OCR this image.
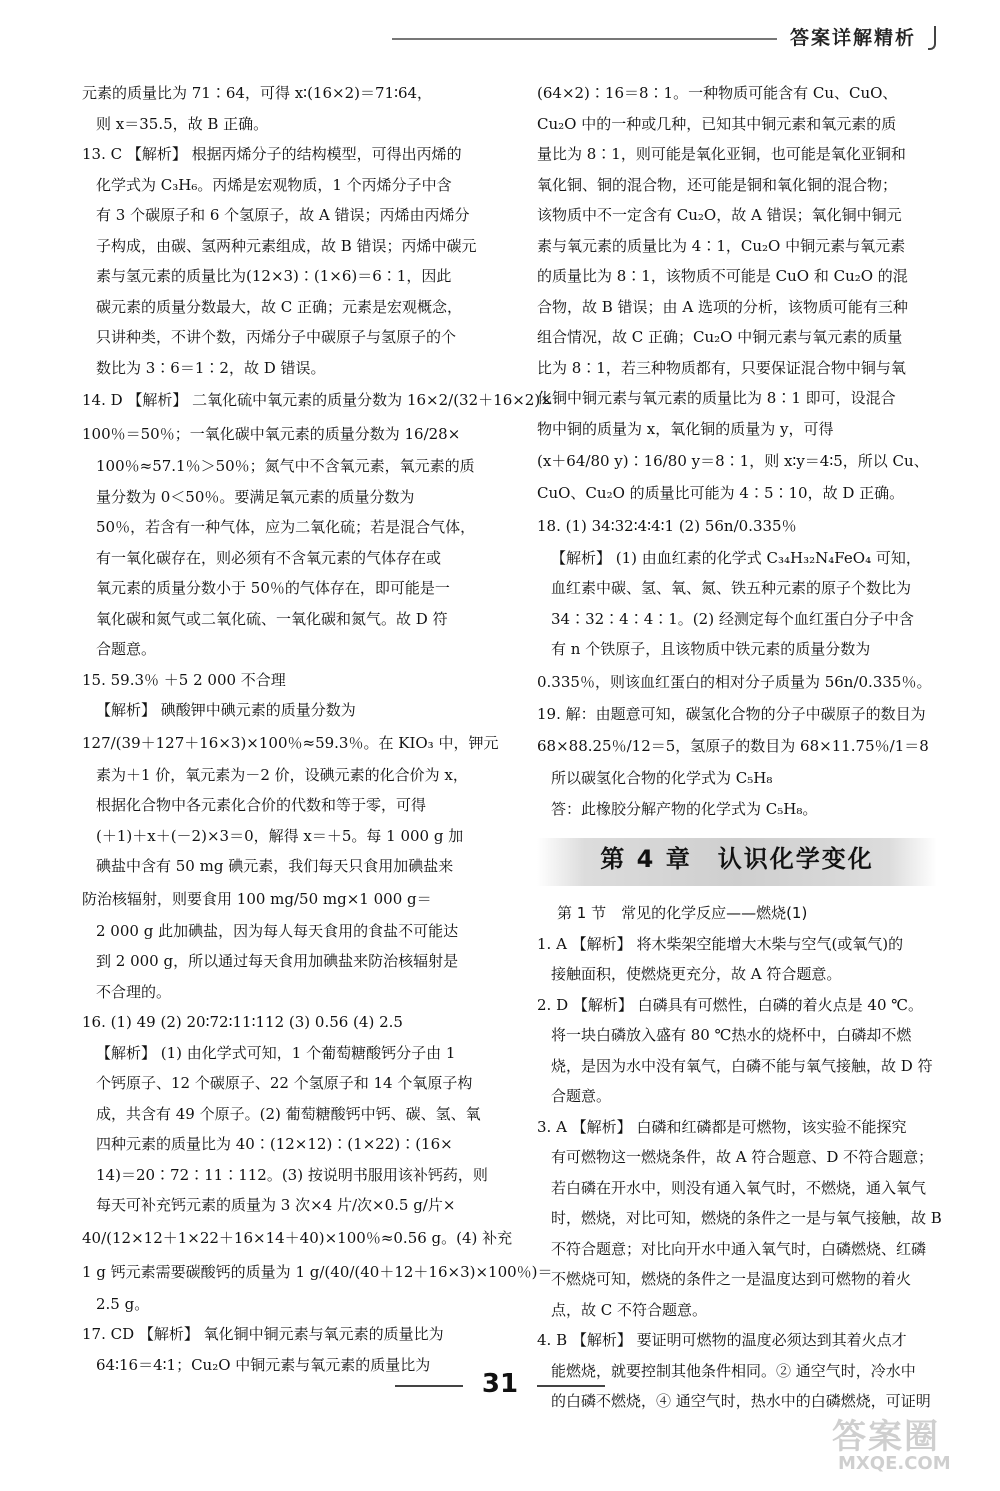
答案详解精析

元素的质量比为 71∶64，可得 x∶(16×2)＝71∶64，

则 x＝35.5，故 B 正确。

13. C 【解析】 根据丙烯分子的结构模型，可得出丙烯的

化学式为 C₃H₆。丙烯是宏观物质，1 个丙烯分子中含

有 3 个碳原子和 6 个氢原子，故 A 错误；丙烯由丙烯分

子构成，由碳、氢两种元素组成，故 B 错误；丙烯中碳元

素与氢元素的质量比为(12×3)∶(1×6)＝6∶1，因此

碳元素的质量分数最大，故 C 正确；元素是宏观概念，

只讲种类，不讲个数，丙烯分子中碳原子与氢原子的个

数比为 3∶6＝1∶2，故 D 错误。

14. D 【解析】 二氧化硫中氧元素的质量分数为 16×2/(32＋16×2)×

100％＝50％；一氧化碳中氧元素的质量分数为 16/28×

100％≈57.1％＞50％；氮气中不含氧元素，氧元素的质

量分数为 0＜50％。要满足氧元素的质量分数为

50％，若含有一种气体，应为二氧化硫；若是混合气体，

有一氧化碳存在，则必须有不含氧元素的气体存在或

氧元素的质量分数小于 50％的气体存在，即可能是一

氧化碳和氮气或二氧化硫、一氧化碳和氮气。故 D 符

合题意。

15. 59.3％ ＋5 2 000 不合理

【解析】 碘酸钾中碘元素的质量分数为

127/(39＋127＋16×3)×100％≈59.3％。在 KIO₃ 中，钾元

素为＋1 价，氧元素为－2 价，设碘元素的化合价为 x，

根据化合物中各元素化合价的代数和等于零，可得

(＋1)＋x＋(－2)×3＝0，解得 x＝＋5。每 1 000 g 加

碘盐中含有 50 mg 碘元素，我们每天只食用加碘盐来

防治核辐射，则要食用 100 mg/50 mg×1 000 g＝

2 000 g 此加碘盐，因为每人每天食用的食盐不可能达

到 2 000 g，所以通过每天食用加碘盐来防治核辐射是

不合理的。

16. (1) 49 (2) 20∶72∶11∶112 (3) 0.56 (4) 2.5

【解析】 (1) 由化学式可知，1 个葡萄糖酸钙分子由 1

个钙原子、12 个碳原子、22 个氢原子和 14 个氧原子构

成，共含有 49 个原子。(2) 葡萄糖酸钙中钙、碳、氢、氧

四种元素的质量比为 40∶(12×12)∶(1×22)∶(16×

14)＝20∶72∶11∶112。(3) 按说明书服用该补钙药，则

每天可补充钙元素的质量为 3 次×4 片/次×0.5 g/片×

40/(12×12＋1×22＋16×14＋40)×100％≈0.56 g。(4) 补充

1 g 钙元素需要碳酸钙的质量为 1 g/(40/(40＋12＋16×3)×100％)＝

2.5 g。

17. CD 【解析】 氧化铜中铜元素与氧元素的质量比为

64∶16＝4∶1；Cu₂O 中铜元素与氧元素的质量比为

(64×2)∶16＝8∶1。一种物质可能含有 Cu、CuO、

Cu₂O 中的一种或几种，已知其中铜元素和氧元素的质

量比为 8∶1，则可能是氧化亚铜，也可能是氧化亚铜和

氧化铜、铜的混合物，还可能是铜和氧化铜的混合物；

该物质中不一定含有 Cu₂O，故 A 错误；氧化铜中铜元

素与氧元素的质量比为 4∶1，Cu₂O 中铜元素与氧元素

的质量比为 8∶1，该物质不可能是 CuO 和 Cu₂O 的混

合物，故 B 错误；由 A 选项的分析，该物质可能有三种

组合情况，故 C 正确；Cu₂O 中铜元素与氧元素的质量

比为 8∶1，若三种物质都有，只要保证混合物中铜与氧

化铜中铜元素与氧元素的质量比为 8∶1 即可，设混合

物中铜的质量为 x，氧化铜的质量为 y，可得

(x＋64/80 y)∶16/80 y＝8∶1，则 x∶y＝4∶5，所以 Cu、

CuO、Cu₂O 的质量比可能为 4∶5∶10，故 D 正确。

18. (1) 34∶32∶4∶4∶1 (2) 56n/0.335％

【解析】 (1) 由血红素的化学式 C₃₄H₃₂N₄FeO₄ 可知，

血红素中碳、氢、氧、氮、铁五种元素的原子个数比为

34∶32∶4∶4∶1。(2) 经测定每个血红蛋白分子中含

有 n 个铁原子，且该物质中铁元素的质量分数为

0.335％，则该血红蛋白的相对分子质量为 56n/0.335％。

19. 解：由题意可知，碳氢化合物的分子中碳原子的数目为

68×88.25％/12＝5，氢原子的数目为 68×11.75％/1＝8

所以碳氢化合物的化学式为 C₅H₈

答：此橡胶分解产物的化学式为 C₅H₈。

第 4 章　认识化学变化

第 1 节　常见的化学反应——燃烧(1)

1. A 【解析】 将木柴架空能增大木柴与空气(或氧气)的

接触面积，使燃烧更充分，故 A 符合题意。

2. D 【解析】 白磷具有可燃性，白磷的着火点是 40 ℃。

将一块白磷放入盛有 80 ℃热水的烧杯中，白磷却不燃

烧，是因为水中没有氧气，白磷不能与氧气接触，故 D 符

合题意。

3. A 【解析】 白磷和红磷都是可燃物，该实验不能探究

有可燃物这一燃烧条件，故 A 符合题意、D 不符合题意；

若白磷在开水中，则没有通入氧气时，不燃烧，通入氧气

时，燃烧，对比可知，燃烧的条件之一是与氧气接触，故 B

不符合题意；对比向开水中通入氧气时，白磷燃烧、红磷

不燃烧可知，燃烧的条件之一是温度达到可燃物的着火

点，故 C 不符合题意。

4. B 【解析】 要证明可燃物的温度必须达到其着火点才

能燃烧，就要控制其他条件相同。② 通空气时，冷水中

的白磷不燃烧，④ 通空气时，热水中的白磷燃烧，可证明

31
答案圈
MXQE.COM
